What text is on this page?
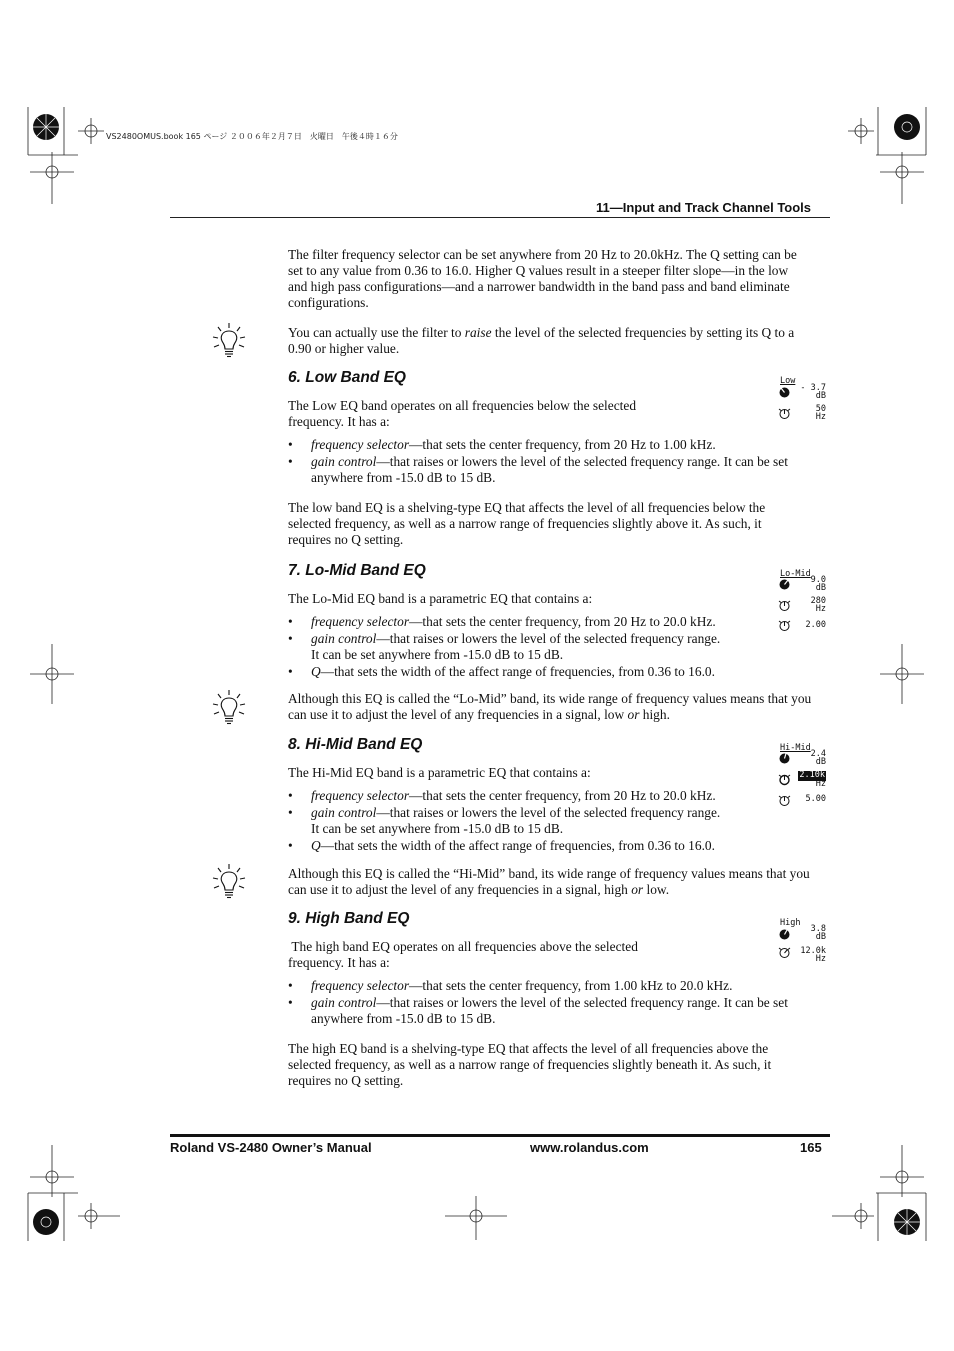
VS2480OMUS.book 165 ページ ２００６年２月７日　火曜日　午後４時１６分
11—Input and Track Channel Tools

The filter frequency selector can be set anywhere from 20 Hz to 20.0kHz. The Q setting can be set to any value from 0.36 to 16.0. Higher Q values result in a steeper filter slope—in the low and high pass configurations—and a narrower bandwidth in the band pass and band eliminate configurations.

You can actually use the filter to raise the level of the selected frequencies by setting its Q to a 0.90 or higher value.

6. Low Band EQ

The Low EQ band operates on all frequencies below the selected frequency. It has a:

• frequency selector—that sets the center frequency, from 20 Hz to 1.00 kHz.
• gain control—that raises or lowers the level of the selected frequency range. It can be set anywhere from -15.0 dB to 15 dB.

The low band EQ is a shelving-type EQ that affects the level of all frequencies below the selected frequency, as well as a narrow range of frequencies slightly above it. As such, it requires no Q setting.

Low
- 3.7
dB
50
Hz
7. Lo-Mid Band EQ

The Lo-Mid EQ band is a parametric EQ that contains a:

• frequency selector—that sets the center frequency, from 20 Hz to 20.0 kHz.
• gain control—that raises or lowers the level of the selected frequency range. It can be set anywhere from -15.0 dB to 15 dB.
• Q—that sets the width of the affect range of frequencies, from 0.36 to 16.0.

Although this EQ is called the “Lo-Mid” band, its wide range of frequency values means that you can use it to adjust the level of any frequencies in a signal, low or high.

Lo-Mid
9.0
dB
280
Hz
2.00
8. Hi-Mid Band EQ

The Hi-Mid EQ band is a parametric EQ that contains a:

• frequency selector—that sets the center frequency, from 20 Hz to 20.0 kHz.
• gain control—that raises or lowers the level of the selected frequency range. It can be set anywhere from -15.0 dB to 15 dB.
• Q—that sets the width of the affect range of frequencies, from 0.36 to 16.0.

Although this EQ is called the “Hi-Mid” band, its wide range of frequency values means that you can use it to adjust the level of any frequencies in a signal, high or low.

Hi-Mid
2.4
dB
2.10k
Hz
5.00
9. High Band EQ

The high band EQ operates on all frequencies above the selected frequency. It has a:

• frequency selector—that sets the center frequency, from 1.00 kHz to 20.0 kHz.
• gain control—that raises or lowers the level of the selected frequency range. It can be set anywhere from -15.0 dB to 15 dB.

The high EQ band is a shelving-type EQ that affects the level of all frequencies above the selected frequency, as well as a narrow range of frequencies slightly beneath it. As such, it requires no Q setting.

High
3.8
dB
12.0k
Hz
Roland VS-2480 Owner’s Manual	www.rolandus.com	165
